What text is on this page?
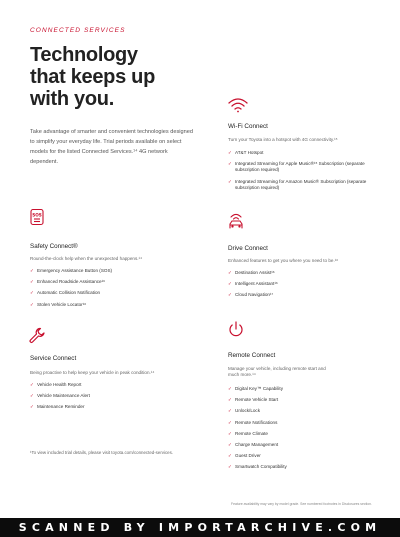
CONNECTED SERVICES
Technology
that keeps up
with you.
Take advantage of smarter and convenient technologies designed to simplify your everyday life. Trial periods available on select models for the listed Connected Services.¹⁴ 4G network dependent.
Wi-Fi Connect
Turn your Toyota into a hotspot with 4G connectivity.¹⁵
✓ AT&T Hotspot
✓ Integrated Streaming for Apple Music®¹⁵ Subscription (separate subscription required)
✓ Integrated Streaming for Amazon Music® Subscription (separate subscription required)
SOS
Safety Connect®
Round-the-clock help when the unexpected happens.¹⁴
✓ Emergency Assistance Button (SOS)
✓ Enhanced Roadside Assistance¹⁶
✓ Automatic Collision Notification
✓ Stolen Vehicle Locator¹⁶
Drive Connect
Enhanced features to get you where you need to be.¹⁶
✓ Destination Assist¹⁶
✓ Intelligent Assistant¹⁶
✓ Cloud Navigation¹⁷
Service Connect
Being proactive to help keep your vehicle in peak condition.¹⁴
✓ Vehicle Health Report
✓ Vehicle Maintenance Alert
✓ Maintenance Reminder
Remote Connect
Manage your vehicle, including remote start and much more.¹⁴
✓ Digital Key™ Capability
✓ Remote Vehicle Start
✓ Unlock/Lock
✓ Remote Notifications
✓ Remote Climate
✓ Charge Management
✓ Guest Driver
✓ Smartwatch Compatibility
¹To view included trial details, please visit toyota.com/connected-services.
Feature availability may vary by model grade. See numbered footnotes in Disclosures section.
SCANNED BY IMPORTARCHIVE.COM
